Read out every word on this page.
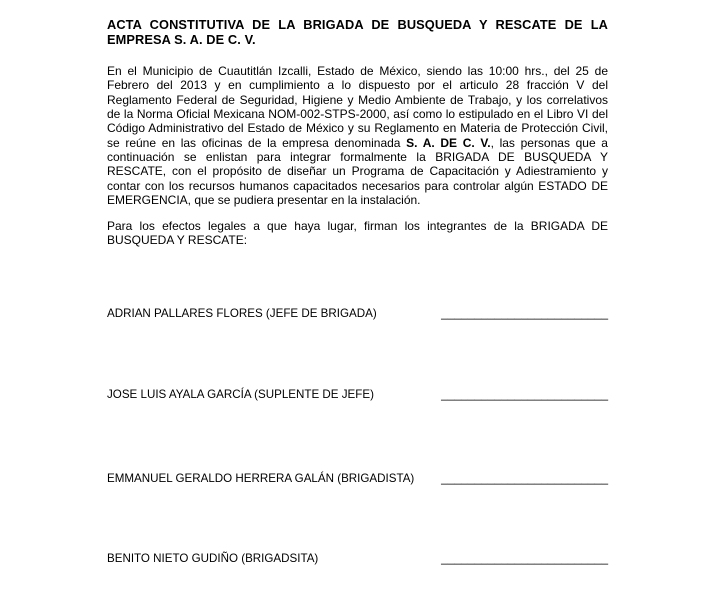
ACTA CONSTITUTIVA DE LA BRIGADA DE BUSQUEDA Y RESCATE DE LA
EMPRESA S. A. DE C. V.
En el Municipio de Cuautitlán Izcalli, Estado de México, siendo las 10:00 hrs., del 25 de Febrero del 2013 y en cumplimiento a lo dispuesto por el articulo 28 fracción V del Reglamento Federal de Seguridad, Higiene y Medio Ambiente de Trabajo, y los correlativos de la Norma Oficial Mexicana NOM-002-STPS-2000, así como lo estipulado en el Libro VI del Código Administrativo del Estado de México y su Reglamento en Materia de Protección Civil, se reúne en las oficinas de la empresa denominada S. A. DE C. V., las personas que a continuación se enlistan para integrar formalmente la BRIGADA DE BUSQUEDA Y RESCATE, con el propósito de diseñar un Programa de Capacitación y Adiestramiento y contar con los recursos humanos capacitados necesarios para controlar algún ESTADO DE EMERGENCIA, que se pudiera presentar en la instalación.
Para los efectos legales a que haya lugar, firman los integrantes de la BRIGADA DE BUSQUEDA Y RESCATE:
ADRIAN PALLARES FLORES (JEFE DE BRIGADA)	_________________________
JOSE LUIS AYALA GARCÍA (SUPLENTE DE JEFE)	_________________________
EMMANUEL GERALDO HERRERA GALÁN (BRIGADISTA) _________________________
BENITO NIETO GUDIÑO (BRIGADSITA)	_________________________
